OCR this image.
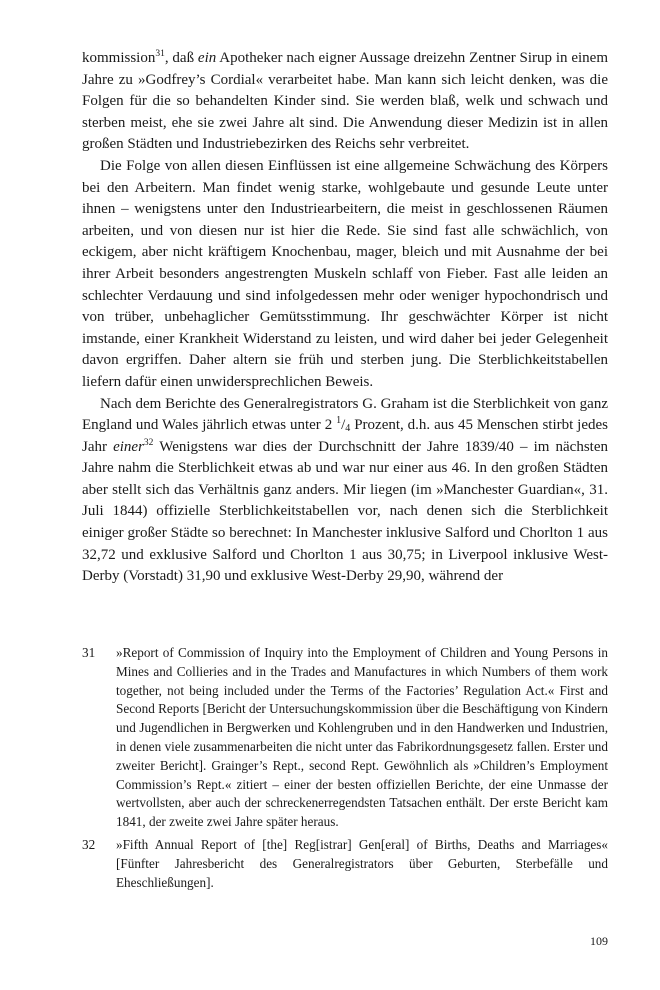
kommission$^{31}$, daß ein Apotheker nach eigner Aussage dreizehn Zentner Sirup in einem Jahre zu »Godfrey’s Cordial« verarbeitet habe. Man kann sich leicht denken, was die Folgen für die so behandelten Kinder sind. Sie werden blaß, welk und schwach und sterben meist, ehe sie zwei Jahre alt sind. Die Anwendung dieser Medizin ist in allen großen Städten und Industriebezirken des Reichs sehr verbreitet.

Die Folge von allen diesen Einflüssen ist eine allgemeine Schwächung des Körpers bei den Arbeitern. Man findet wenig starke, wohlgebaute und gesunde Leute unter ihnen – wenigstens unter den Industriearbeitern, die meist in geschlossenen Räumen arbeiten, und von diesen nur ist hier die Rede. Sie sind fast alle schwächlich, von eckigem, aber nicht kräftigem Knochenbau, mager, bleich und mit Ausnahme der bei ihrer Arbeit besonders angestrengten Muskeln schlaff von Fieber. Fast alle leiden an schlechter Verdauung und sind infolgedessen mehr oder weniger hypochondrisch und von trüber, unbehaglicher Gemütsstimmung. Ihr geschwächter Körper ist nicht imstande, einer Krankheit Widerstand zu leisten, und wird daher bei jeder Gelegenheit davon ergriffen. Daher altern sie früh und sterben jung. Die Sterblichkeitstabellen liefern dafür einen unwidersprechlichen Beweis.

Nach dem Berichte des Generalregistrators G. Graham ist die Sterblichkeit von ganz England und Wales jährlich etwas unter 2 $^1/_4$ Prozent, d.h. aus 45 Menschen stirbt jedes Jahr einer$^{32}$ Wenigstens war dies der Durchschnitt der Jahre 1839/40 – im nächsten Jahre nahm die Sterblichkeit etwas ab und war nur einer aus 46. In den großen Städten aber stellt sich das Verhältnis ganz anders. Mir liegen (im »Manchester Guardian«, 31. Juli 1844) offizielle Sterblichkeitstabellen vor, nach denen sich die Sterblichkeit einiger großer Städte so berechnet: In Manchester inklusive Salford und Chorlton 1 aus 32,72 und exklusive Salford und Chorlton 1 aus 30,75; in Liverpool inklusive West-Derby (Vorstadt) 31,90 und exklusive West-Derby 29,90, während der

31	»Report of Commission of Inquiry into the Employment of Children and Young Persons in Mines and Collieries and in the Trades and Manufactures in which Numbers of them work together, not being included under the Terms of the Factories’ Regulation Act.« First and Second Reports [Bericht der Untersuchungskommission über die Beschäftigung von Kindern und Jugendlichen in Bergwerken und Kohlengruben und in den Handwerken und Industrien, in denen viele zusammenarbeiten die nicht unter das Fabrikordnungsgesetz fallen. Erster und zweiter Bericht]. Grainger’s Rept., second Rept. Gewöhnlich als »Children’s Employment Commission’s Rept.« zitiert – einer der besten offiziellen Berichte, der eine Unmasse der wertvollsten, aber auch der schreckenerregendsten Tatsachen enthält. Der erste Bericht kam 1841, der zweite zwei Jahre später heraus.
32	»Fifth Annual Report of [the] Reg[istrar] Gen[eral] of Births, Deaths and Marriages« [Fünfter Jahresbericht des Generalregistrators über Geburten, Sterbefälle und Eheschließungen].
109
